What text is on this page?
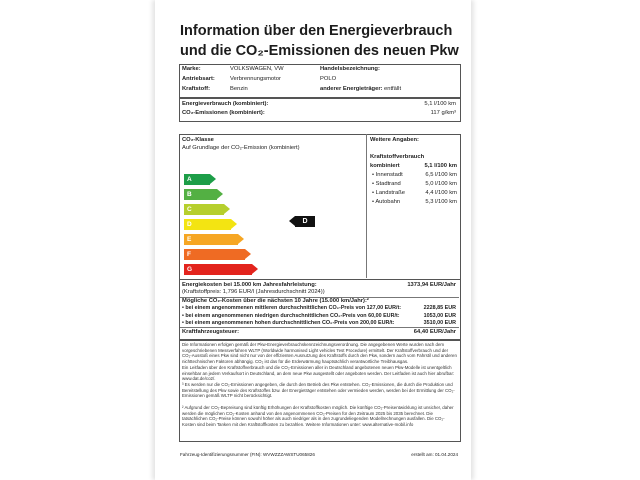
Information über den Energieverbrauch
und die CO₂-Emissionen des neuen Pkw
Marke:	VOLKSWAGEN, VW
Antriebsart:	Verbrennungsmotor
Kraftstoff:	Benzin
Handelsbezeichnung:
POLO
anderer Energieträger: entfällt
Energieverbrauch (kombiniert):	5,1 l/100 km
CO₂-Emissionen (kombiniert):	117 g/km³
CO₂-Klasse
Auf Grundlage der CO₂-Emission (kombiniert)
A
B
C
D
E
F
G
D
Weitere Angaben:
Kraftstoffverbrauch
kombiniert	5,1 l/100 km
• Innenstadt	6,5 l/100 km
• Stadtrand	5,0 l/100 km
• Landstraße	4,4 l/100 km
• Autobahn	5,3 l/100 km
Energiekosten bei 15.000 km Jahresfahrleistung:	1373,94 EUR/Jahr
(Kraftstoffpreis: 1,796 EUR/l (Jahresdurchschnitt 2024))
Mögliche CO₂-Kosten über die nächsten 10 Jahre (15.000 km/Jahr):²
• bei einem angenommenen mittleren durchschnittlichen CO₂-Preis von 127,00 EUR/t:	2228,85 EUR
• bei einem angenommenen niedrigen durchschnittlichen CO₂-Preis von 60,00 EUR/t:	1053,00 EUR
• bei einem angenommenen hohen durchschnittlichen CO₂-Preis von 200,00 EUR/t:	3510,00 EUR
Kraftfahrzeugsteuer:	64,40 EUR/Jahr
Die Informationen erfolgen gemäß der Pkw-Energieverbrauchskennzeichnungsverordnung. Die angegebenen Werte wurden nach dem vorgeschriebenen Messverfahren WLTP (Worldwide harmonised Light vehicles Test Procedure) ermittelt. Der Kraftstoffverbrauch und der CO₂-Ausstoß eines Pkw sind nicht nur von der effizienten Ausnutzung des Kraftstoffs durch den Pkw, sondern auch vom Fahrstil und anderen nichttechnischen Faktoren abhängig. CO₂ ist das für die Erderwärmung hauptsächlich verantwortliche Treibhausgas.
Ein Leitfaden über den Kraftstoffverbrauch und die CO₂-Emissionen aller in Deutschland angebotenen neuen Pkw-Modelle ist unentgeltlich einsehbar an jedem Verkaufsort in Deutschland, an dem neue Pkw ausgestellt oder angeboten werden. Der Leitfaden ist auch hier abrufbar: www.dat.de/co2/.
³ Es werden nur die CO₂-Emissionen angegeben, die durch den Betrieb des Pkw entstehen. CO₂-Emissionen, die durch die Produktion und Bereitstellung des Pkw sowie des Kraftstoffes bzw. der Energieträger entstehen oder vermieden werden, werden bei der Ermittlung der CO₂-Emissionen gemäß WLTP nicht berücksichtigt.
² Aufgrund der CO₂-Bepreisung sind künftig Erhöhungen der Kraftstoffkosten möglich. Die künftige CO₂-Preisentwicklung ist unsicher, daher werden die möglichen CO₂-Kosten anhand von den angenommenen CO₂-Preisen für den Zeitraum 2025 bis 2035 berechnet. Die tatsächlichen CO₂-Preise können sowohl höher als auch niedriger als in den zugrundeliegenden Modellrechnungen ausfallen. Die CO₂-Kosten sind beim Tanken mit den Kraftstoffkosten zu bezahlen. Weitere Informationen unter: www.alternative-mobil.info
Fahrzeug-Identifizierungsnummer (FIN): WVWZZZAWSTU065826	erstellt am: 01.04.2024
